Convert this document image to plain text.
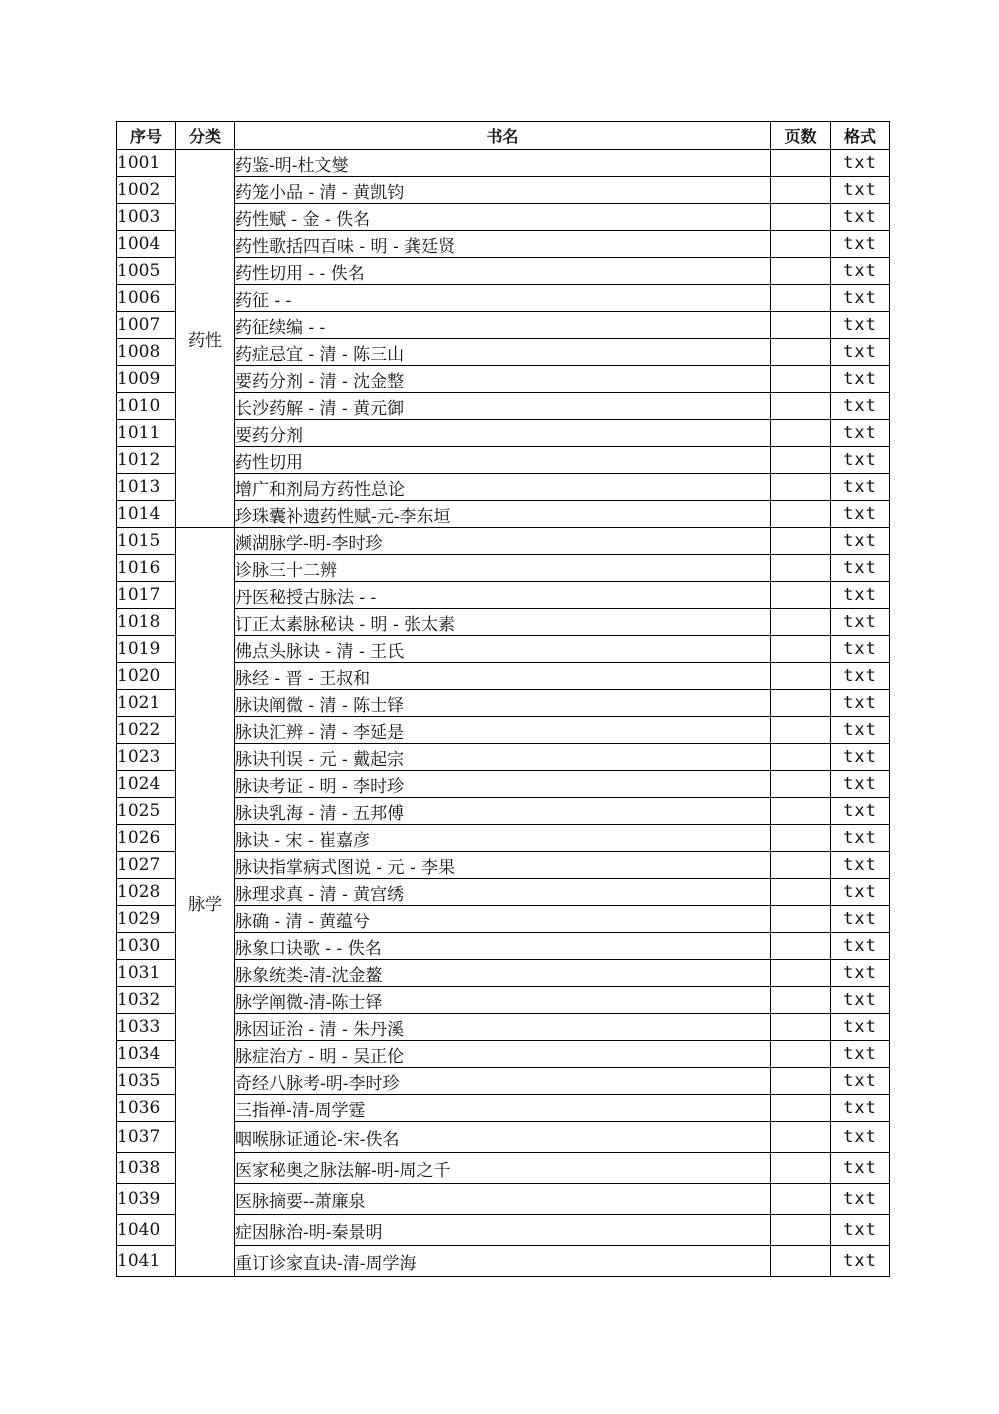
序号	分类	书名	页数	格式
1001	药性	药鉴-明-杜文燮		txt
1002		药笼小品 - 清 - 黄凯钧		txt
1003		药性赋 - 金 - 佚名		txt
1004		药性歌括四百味 - 明 - 龚廷贤		txt
1005		药性切用 - - 佚名		txt
1006		药征 - -		txt
1007		药征续编 - -		txt
1008		药症忌宜 - 清 - 陈三山		txt
1009		要药分剂 - 清 - 沈金整		txt
1010		长沙药解 - 清 - 黄元御		txt
1011		要药分剂		txt
1012		药性切用		txt
1013		增广和剂局方药性总论		txt
1014		珍珠囊补遗药性赋-元-李东垣		txt
1015	脉学	濒湖脉学-明-李时珍		txt
1016		诊脉三十二辨		txt
1017		丹医秘授古脉法 - -		txt
1018		订正太素脉秘诀 - 明 - 张太素		txt
1019		佛点头脉诀 - 清 - 王氏		txt
1020		脉经 - 晋 - 王叔和		txt
1021		脉诀阐微 - 清 - 陈士铎		txt
1022		脉诀汇辨 - 清 - 李延是		txt
1023		脉诀刊误 - 元 - 戴起宗		txt
1024		脉诀考证 - 明 - 李时珍		txt
1025		脉诀乳海 - 清 - 五邦傅		txt
1026		脉诀 - 宋 - 崔嘉彦		txt
1027		脉诀指掌病式图说 - 元 - 李果		txt
1028		脉理求真 - 清 - 黄宫绣		txt
1029		脉确 - 清 - 黄蕴兮		txt
1030		脉象口诀歌 - - 佚名		txt
1031		脉象统类-清-沈金鳌		txt
1032		脉学阐微-清-陈士铎		txt
1033		脉因证治 - 清 - 朱丹溪		txt
1034		脉症治方 - 明 - 吴正伦		txt
1035		奇经八脉考-明-李时珍		txt
1036		三指禅-清-周学霆		txt
1037		咽喉脉证通论-宋-佚名		txt
1038		医家秘奥之脉法解-明-周之千		txt
1039		医脉摘要--萧廉泉		txt
1040		症因脉治-明-秦景明		txt
1041		重订诊家直诀-清-周学海		txt
